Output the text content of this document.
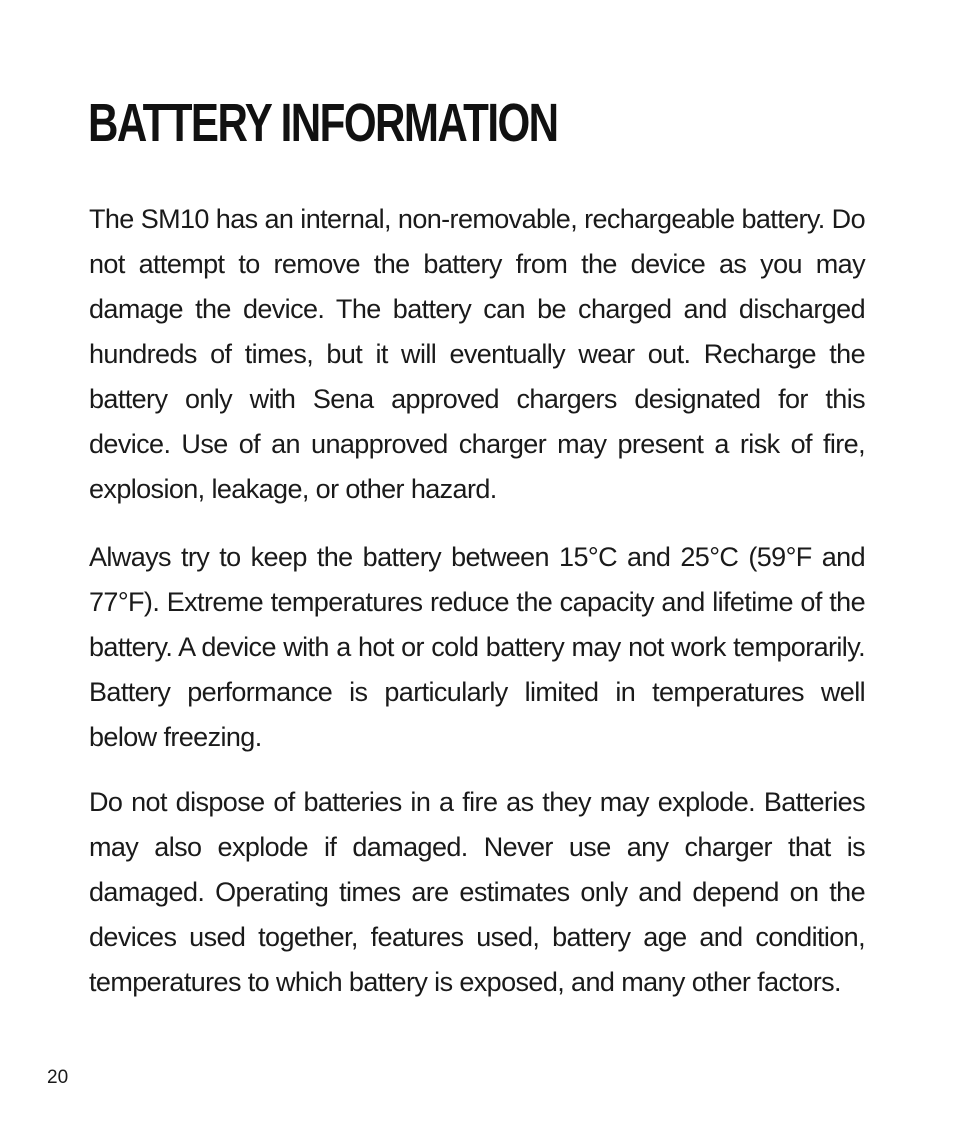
BATTERY INFORMATION

The SM10 has an internal, non-removable, rechargeable battery. Do not attempt to remove the battery from the device as you may damage the device. The battery can be charged and discharged hundreds of times, but it will eventually wear out. Recharge the battery only with Sena approved chargers designated for this device. Use of an unapproved charger may present a risk of fire, explosion, leakage, or other hazard.

Always try to keep the battery between 15°C and 25°C (59°F and 77°F). Extreme temperatures reduce the capacity and lifetime of the battery. A device with a hot or cold battery may not work temporarily. Battery performance is particularly limited in temperatures well below freezing.

Do not dispose of batteries in a fire as they may explode. Batteries may also explode if damaged. Never use any charger that is damaged. Operating times are estimates only and depend on the devices used together, features used, battery age and condition, temperatures to which battery is exposed, and many other factors.

20
